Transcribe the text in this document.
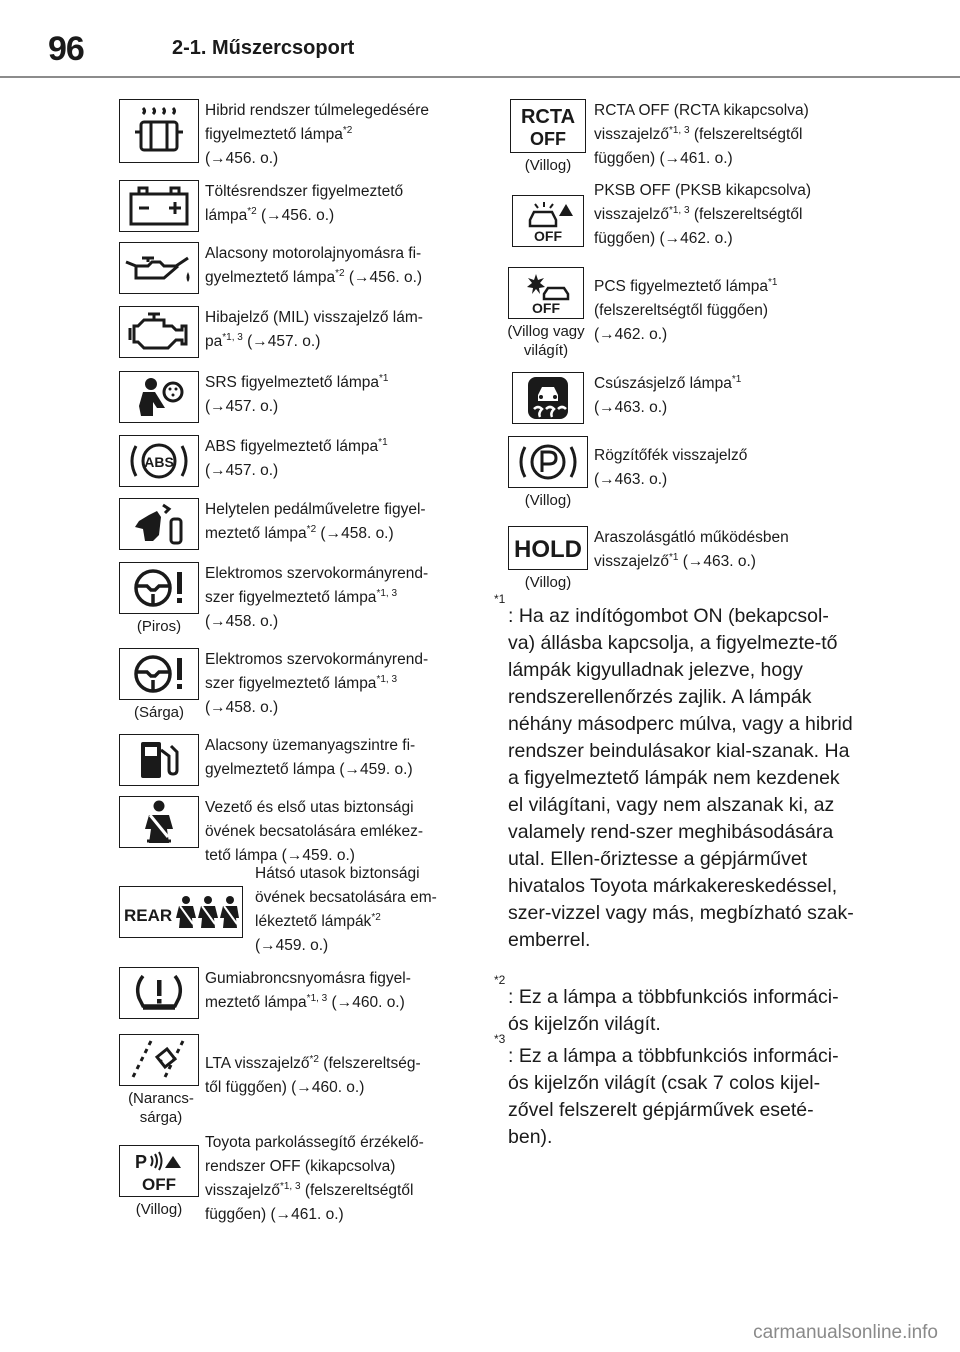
96	2-1. Műszercsoport
Hibrid rendszer túlmelegedésére
figyelmeztető lámpa$^{*2}$
(→456. o.)
Töltésrendszer figyelmeztető
lámpa$^{*2}$ (→456. o.)
Alacsony motorolajnyomásra fi-
gyelmeztető lámpa$^{*2}$ (→456. o.)
Hibajelző (MIL) visszajelző lám-
pa$^{*1, 3}$ (→457. o.)
SRS figyelmeztető lámpa$^{*1}$
(→457. o.)
ABS
ABS figyelmeztető lámpa$^{*1}$
(→457. o.)
Helytelen pedálműveletre figyel-
meztető lámpa$^{*2}$ (→458. o.)
(Piros)
Elektromos szervokormányrend-
szer figyelmeztető lámpa$^{*1, 3}$
(→458. o.)
(Sárga)
Elektromos szervokormányrend-
szer figyelmeztető lámpa$^{*1, 3}$
(→458. o.)
Alacsony üzemanyagszintre fi-
gyelmeztető lámpa (→459. o.)
Vezető és első utas biztonsági
övének becsatolására emlékez-
tető lámpa (→459. o.)
REAR
Hátsó utasok biztonsági
övének becsatolására em-
lékeztető lámpák$^{*2}$
(→459. o.)
Gumiabroncsnyomásra figyel-
meztető lámpa$^{*1, 3}$ (→460. o.)
(Narancs-sárga)
LTA visszajelző$^{*2}$ (felszereltség-
től függően) (→460. o.)
P
OFF
(Villog)
Toyota parkolássegítő érzékelő-
rendszer OFF (kikapcsolva)
visszajelző$^{*1, 3}$ (felszereltségtől
függően) (→461. o.)
RCTA
OFF
(Villog)
RCTA OFF (RCTA kikapcsolva)
visszajelző$^{*1, 3}$ (felszereltségtől
függően) (→461. o.)
OFF
PKSB OFF (PKSB kikapcsolva)
visszajelző$^{*1, 3}$ (felszereltségtől
függően) (→462. o.)
OFF
(Villog vagy világít)
PCS figyelmeztető lámpa$^{*1}$
(felszereltségtől függően)
(→462. o.)
Csúszásjelző lámpa$^{*1}$
(→463. o.)
(Villog)
Rögzítőfék visszajelző
(→463. o.)
HOLD
(Villog)
Araszolásgátló működésben
visszajelző$^{*1}$ (→463. o.)
*1
: Ha az indítógombot ON (bekapcsol-va) állásba kapcsolja, a figyelmezte-tő lámpák kigyulladnak jelezve, hogy rendszerellenőrzés zajlik. A lámpák néhány másodperc múlva, vagy a hibrid rendszer beindulásakor kial-szanak. Ha a figyelmeztető lámpák nem kezdenek el világítani, vagy nem alszanak ki, az valamely rend-szer meghibásodására utal. Ellen-őriztesse a gépjárművet hivatalos Toyota márkakereskedéssel, szer-vizzel vagy más, megbízható szak-emberrel.
*2
: Ez a lámpa a többfunkciós informáci-ós kijelzőn világít.
*3
: Ez a lámpa a többfunkciós informáci-ós kijelzőn világít (csak 7 colos kijel-zővel felszerelt gépjárművek eseté-ben).
carmanualsonline.info
